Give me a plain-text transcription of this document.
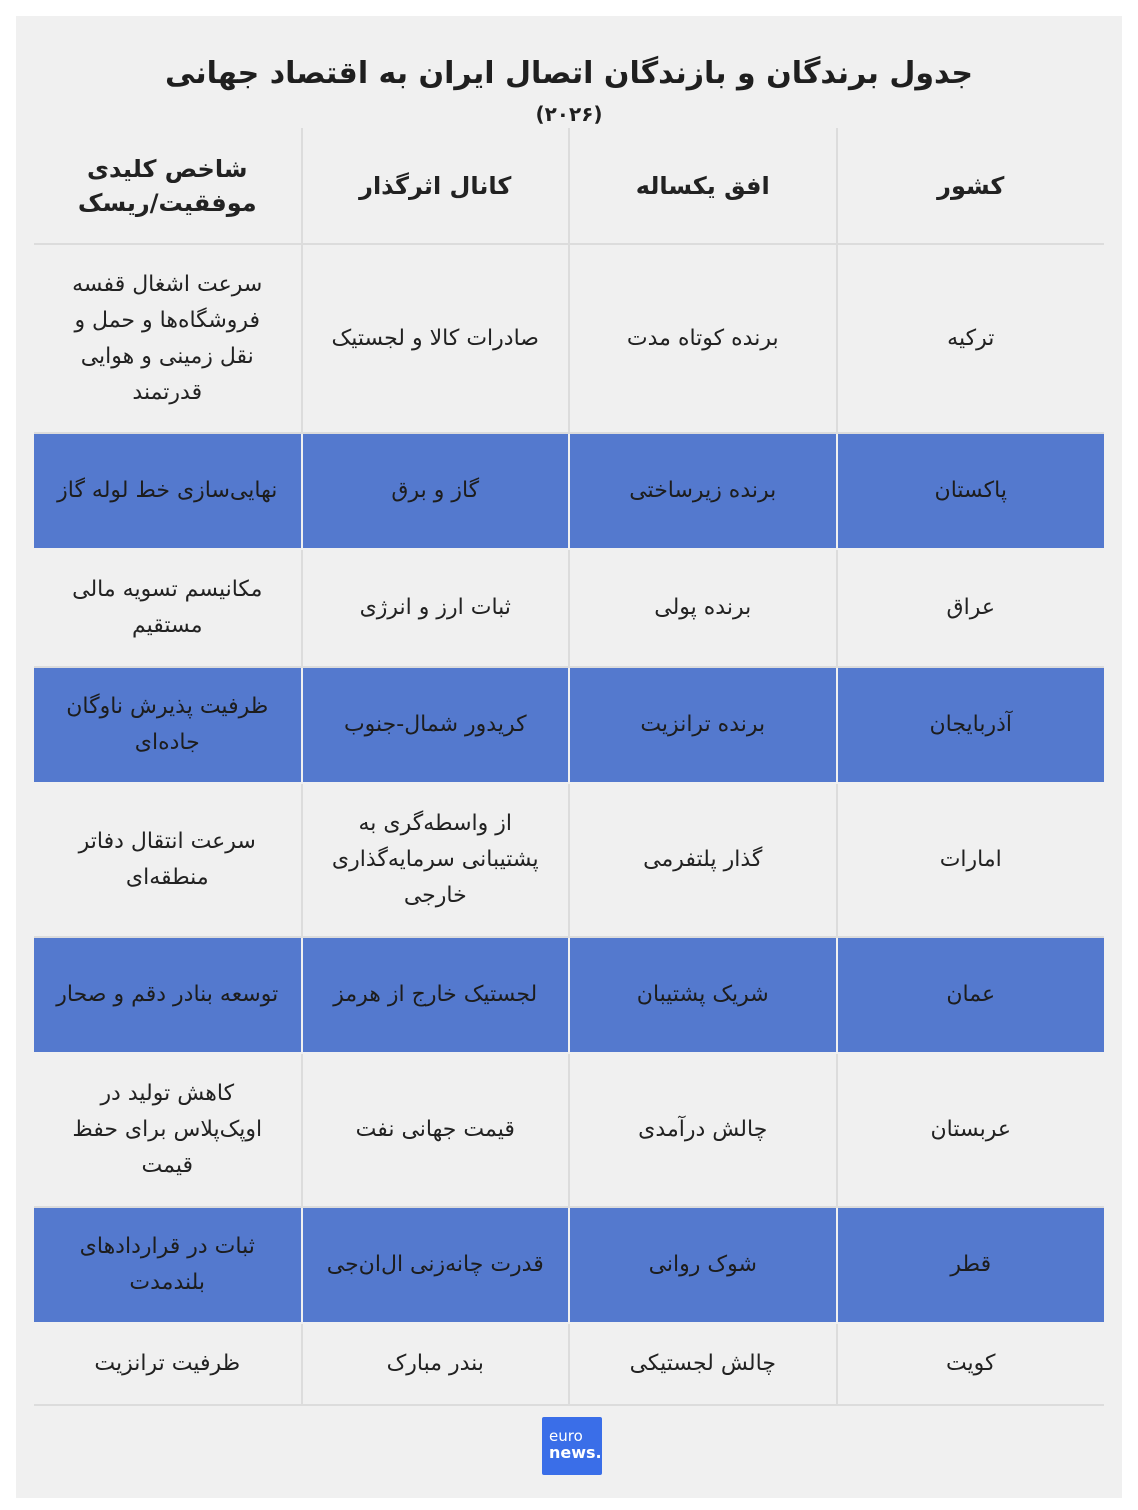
جدول برندگان و بازندگان اتصال ایران به اقتصاد جهانی
(۲۰۲۶)
کشور	افق یکساله	کانال اثرگذار	شاخص کلیدی موفقیت/ریسک
ترکیه	برنده کوتاه مدت	صادرات کالا و لجستیک	سرعت اشغال قفسه فروشگاه‌ها و حمل و نقل زمینی و هوایی قدرتمند
پاکستان	برنده زیرساختی	گاز و برق	نهایی‌سازی خط لوله گاز
عراق	برنده پولی	ثبات ارز و انرژی	مکانیسم تسویه مالی مستقیم
آذربایجان	برنده ترانزیت	کریدور شمال-جنوب	ظرفیت پذیرش ناوگان جاده‌ای
امارات	گذار پلتفرمی	از واسطه‌گری به پشتیبانی سرمایه‌گذاری خارجی	سرعت انتقال دفاتر منطقه‌ای
عمان	شریک پشتیبان	لجستیک خارج از هرمز	توسعه بنادر دقم و صحار
عربستان	چالش درآمدی	قیمت جهانی نفت	کاهش تولید در اوپک‌پلاس برای حفظ قیمت
قطر	شوک روانی	قدرت چانه‌زنی ال‌ان‌جی	ثبات در قراردادهای بلندمدت
کویت	چالش لجستیکی	بندر مبارک	ظرفیت ترانزیت
euro
news.
